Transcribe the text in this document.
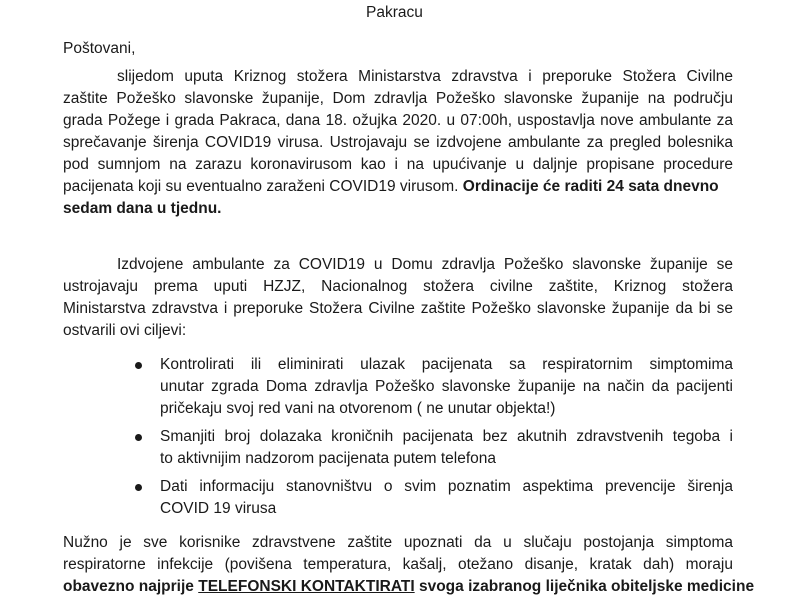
Pakracu
Poštovani,
slijedom uputa Kriznog stožera Ministarstva zdravstva i preporuke Stožera Civilne
zaštite Požeško slavonske županije, Dom zdravlja Požeško slavonske županije na području
grada Požege i grada Pakraca, dana 18. ožujka 2020. u 07:00h, uspostavlja nove ambulante za
sprečavanje širenja COVID19 virusa. Ustrojavaju se izdvojene ambulante za pregled bolesnika
pod sumnjom na zarazu koronavirusom kao i na upućivanje u daljnje propisane procedure
pacijenata koji su eventualno zaraženi COVID19 virusom. Ordinacije će raditi 24 sata dnevno
sedam dana u tjednu.
Izdvojene ambulante za COVID19 u Domu zdravlja Požeško slavonske županije se
ustrojavaju prema uputi HZJZ, Nacionalnog stožera civilne zaštite, Kriznog stožera
Ministarstva zdravstva i preporuke Stožera Civilne zaštite Požeško slavonske županije da bi se
ostvarili ovi ciljevi:
Kontrolirati ili eliminirati ulazak pacijenata sa respiratornim simptomima
unutar zgrada Doma zdravlja Požeško slavonske županije na način da pacijenti
pričekaju svoj red vani na otvorenom ( ne unutar objekta!)
Smanjiti broj dolazaka kroničnih pacijenata bez akutnih zdravstvenih tegoba i
to aktivnijim nadzorom pacijenata putem telefona
Dati informaciju stanovništvu o svim poznatim aspektima prevencije širenja
COVID 19 virusa
Nužno je sve korisnike zdravstvene zaštite upoznati da u slučaju postojanja simptoma
respiratorne infekcije (povišena temperatura, kašalj, otežano disanje, kratak dah) moraju
obavezno najprije TELEFONSKI KONTAKTIRATI svoga izabranog liječnika obiteljske medicine
